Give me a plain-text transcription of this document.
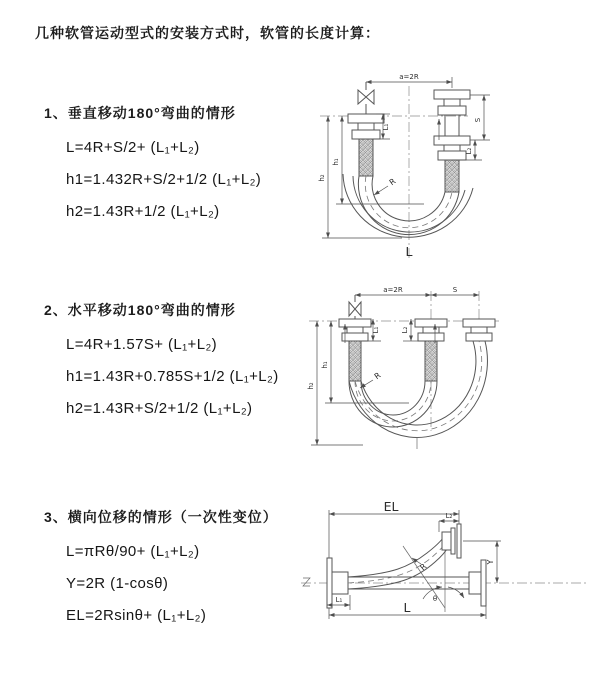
几种软管运动型式的安装方式时，软管的长度计算：
1、垂直移动180°弯曲的情形
L=4R+S/2+ (L₁+L₂)
h1=1.432R+S/2+1/2 (L₁+L₂)
h2=1.43R+1/2 (L₁+L₂)
a=2R
S
L₂
L₁
h₁
h₂	R
L
2、水平移动180°弯曲的情形
L=4R+1.57S+ (L₁+L₂)
h1=1.43R+0.785S+1/2 (L₁+L₂)
h2=1.43R+S/2+1/2 (L₁+L₂)
a=2R	S
L₁	L₂
h₁
h₂
R
3、横向位移的情形（一次性变位）
L=πRθ/90+ (L₁+L₂)
Y=2R (1-cosθ)
EL=2Rsinθ+ (L₁+L₂)
EL
L₂
Y
L
L₁
R
θ
